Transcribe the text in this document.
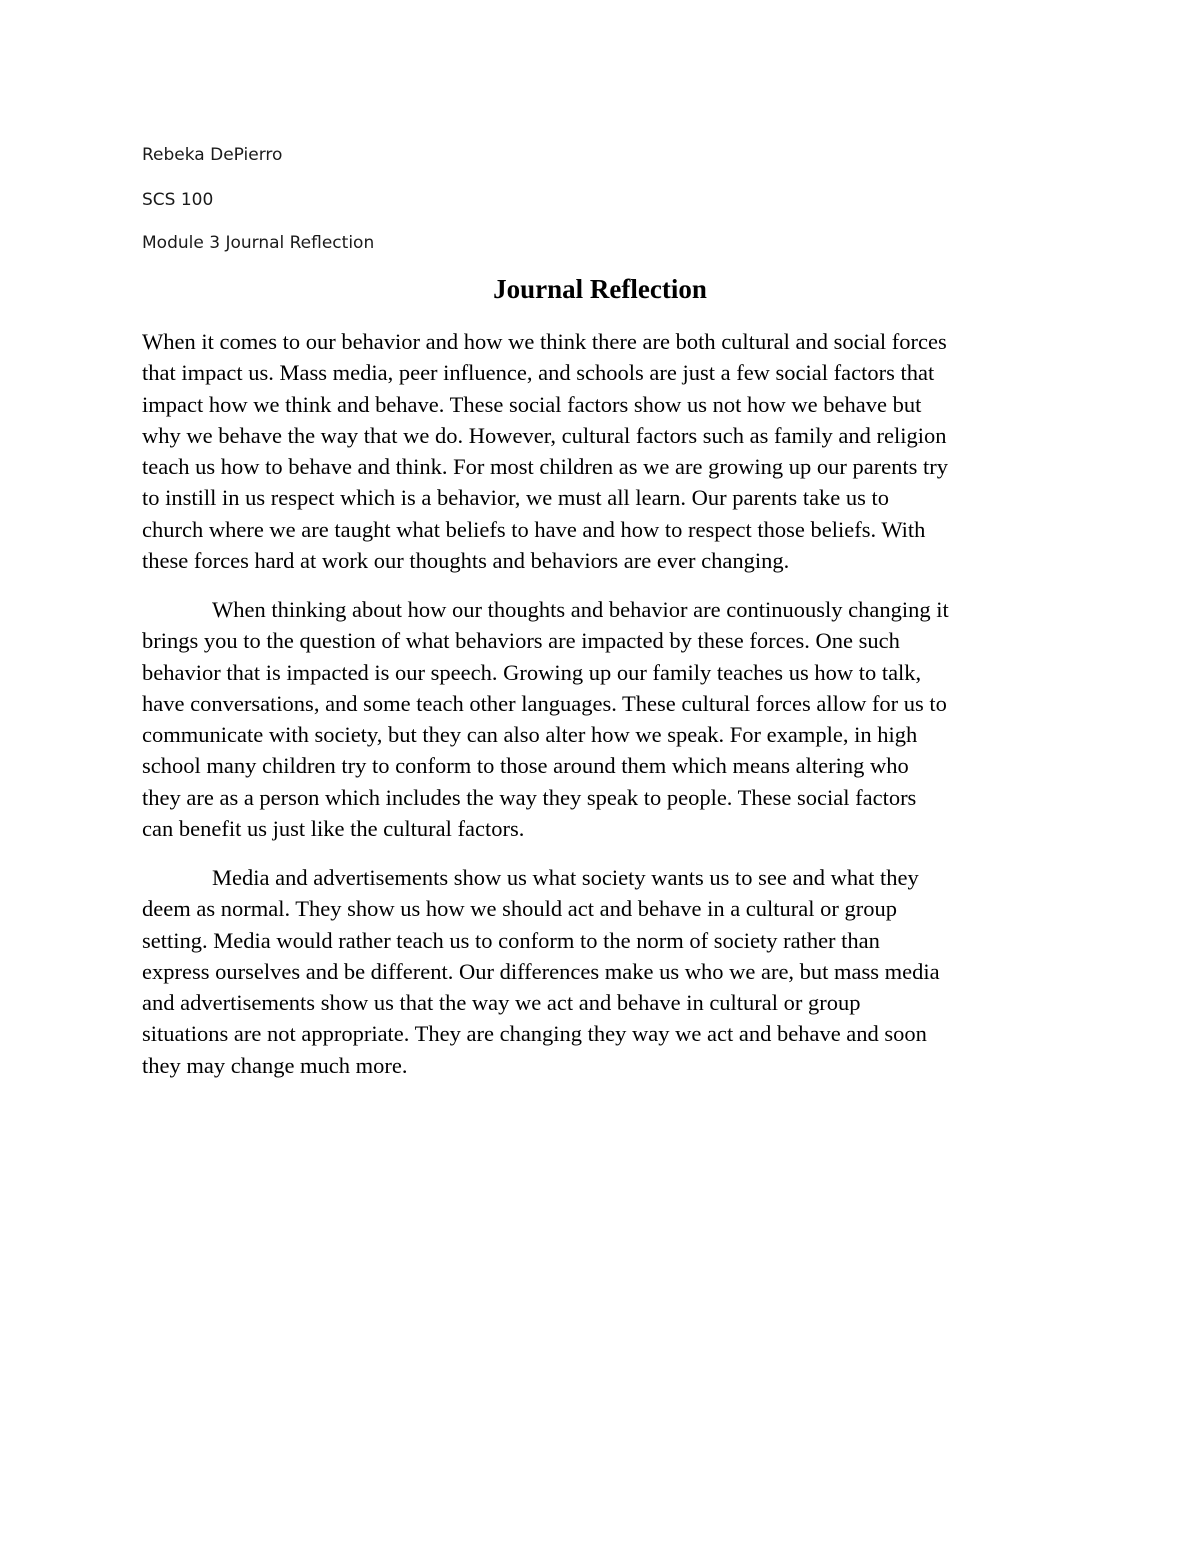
Rebeka DePierro
SCS 100
Module 3 Journal Reflection
Journal Reflection
When it comes to our behavior and how we think there are both cultural and social forces
that impact us. Mass media, peer influence, and schools are just a few social factors that
impact how we think and behave. These social factors show us not how we behave but
why we behave the way that we do. However, cultural factors such as family and religion
teach us how to behave and think. For most children as we are growing up our parents try
to instill in us respect which is a behavior, we must all learn. Our parents take us to
church where we are taught what beliefs to have and how to respect those beliefs. With
these forces hard at work our thoughts and behaviors are ever changing.
When thinking about how our thoughts and behavior are continuously changing it
brings you to the question of what behaviors are impacted by these forces. One such
behavior that is impacted is our speech. Growing up our family teaches us how to talk,
have conversations, and some teach other languages. These cultural forces allow for us to
communicate with society, but they can also alter how we speak. For example, in high
school many children try to conform to those around them which means altering who
they are as a person which includes the way they speak to people. These social factors
can benefit us just like the cultural factors.
Media and advertisements show us what society wants us to see and what they
deem as normal. They show us how we should act and behave in a cultural or group
setting. Media would rather teach us to conform to the norm of society rather than
express ourselves and be different. Our differences make us who we are, but mass media
and advertisements show us that the way we act and behave in cultural or group
situations are not appropriate. They are changing they way we act and behave and soon
they may change much more.
